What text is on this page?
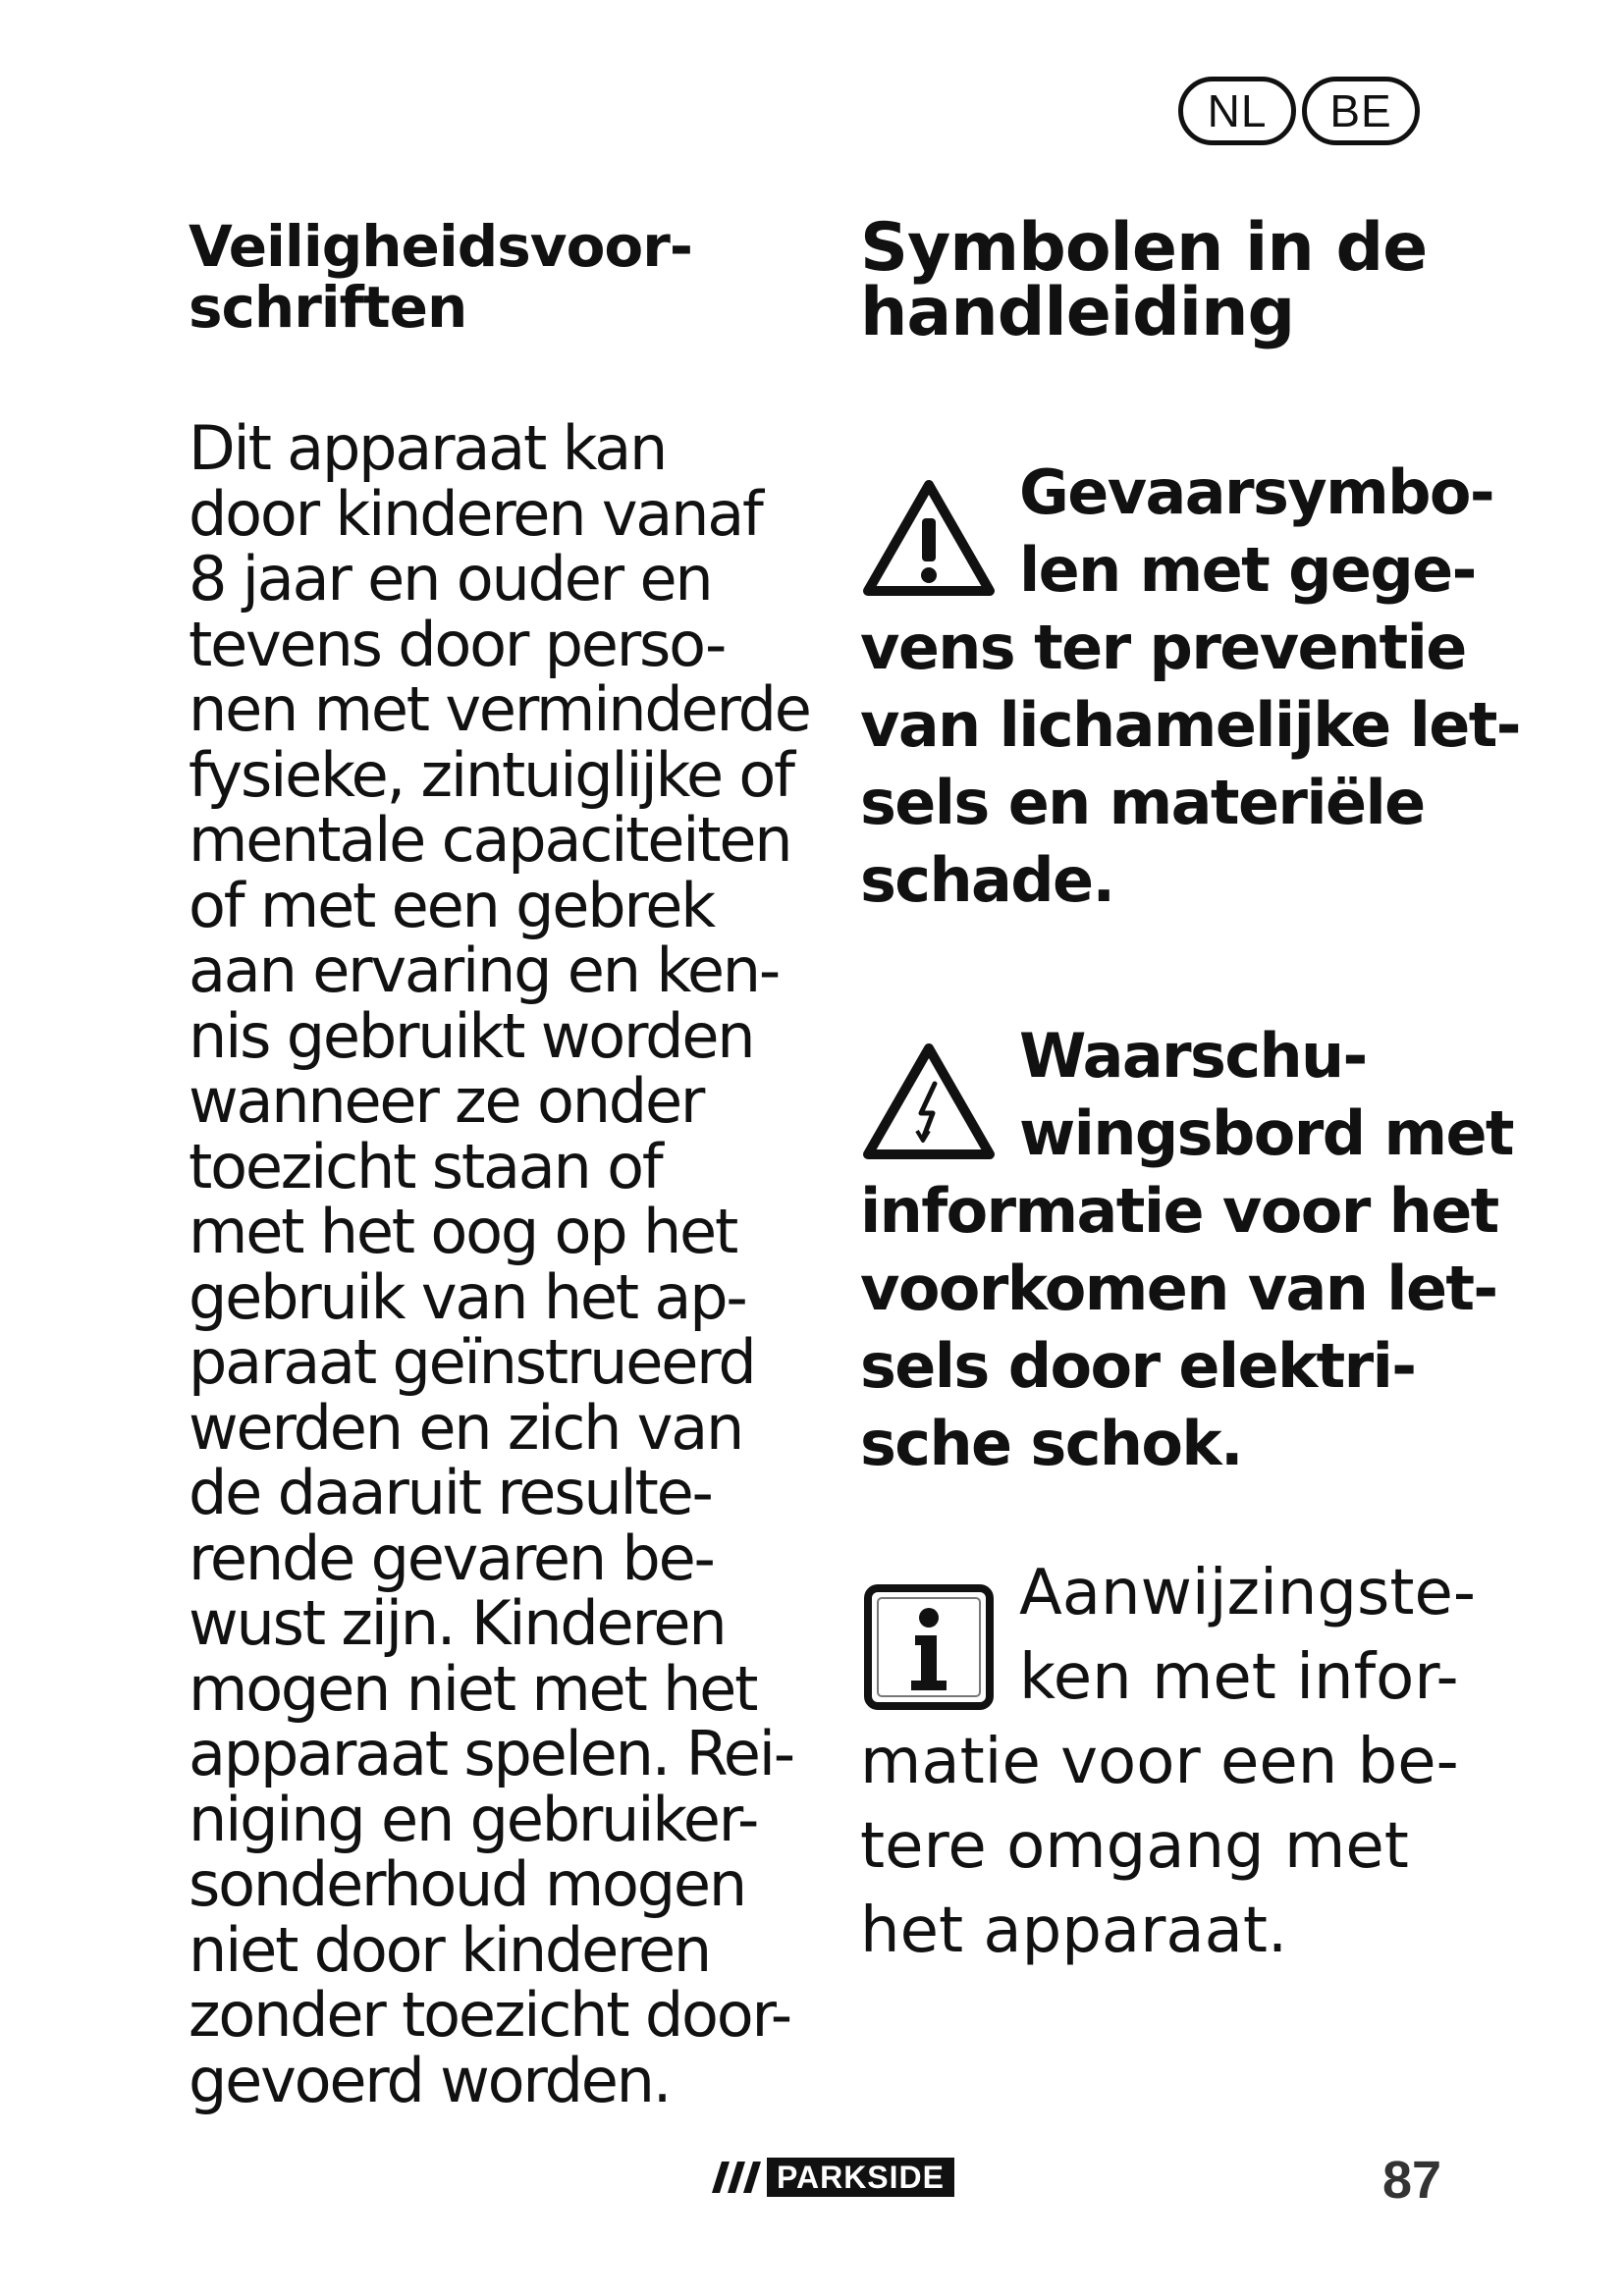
NL	BE
Veiligheidsvoor-
schriften

Dit apparaat kan
door kinderen vanaf
8 jaar en ouder en
tevens door perso-
nen met verminderde
fysieke, zintuiglijke of
mentale capaciteiten
of met een gebrek
aan ervaring en ken-
nis gebruikt worden
wanneer ze onder
toezicht staan of
met het oog op het
gebruik van het ap-
paraat geïnstrueerd
werden en zich van
de daaruit resulte-
rende gevaren be-
wust zijn. Kinderen
mogen niet met het
apparaat spelen. Rei-
niging en gebruiker-
sonderhoud mogen
niet door kinderen
zonder toezicht door-
gevoerd worden.

Symbolen in de
handleiding
Gevaarsymbo-
len met gege-
vens ter preventie
van lichamelijke let-
sels en materiële
schade.
Waarschu-
wingsbord met
informatie voor het
voorkomen van let-
sels door elektri-
sche schok.
Aanwijzingste-
ken met infor-
matie voor een be-
tere omgang met
het apparaat.
PARKSIDE	87
